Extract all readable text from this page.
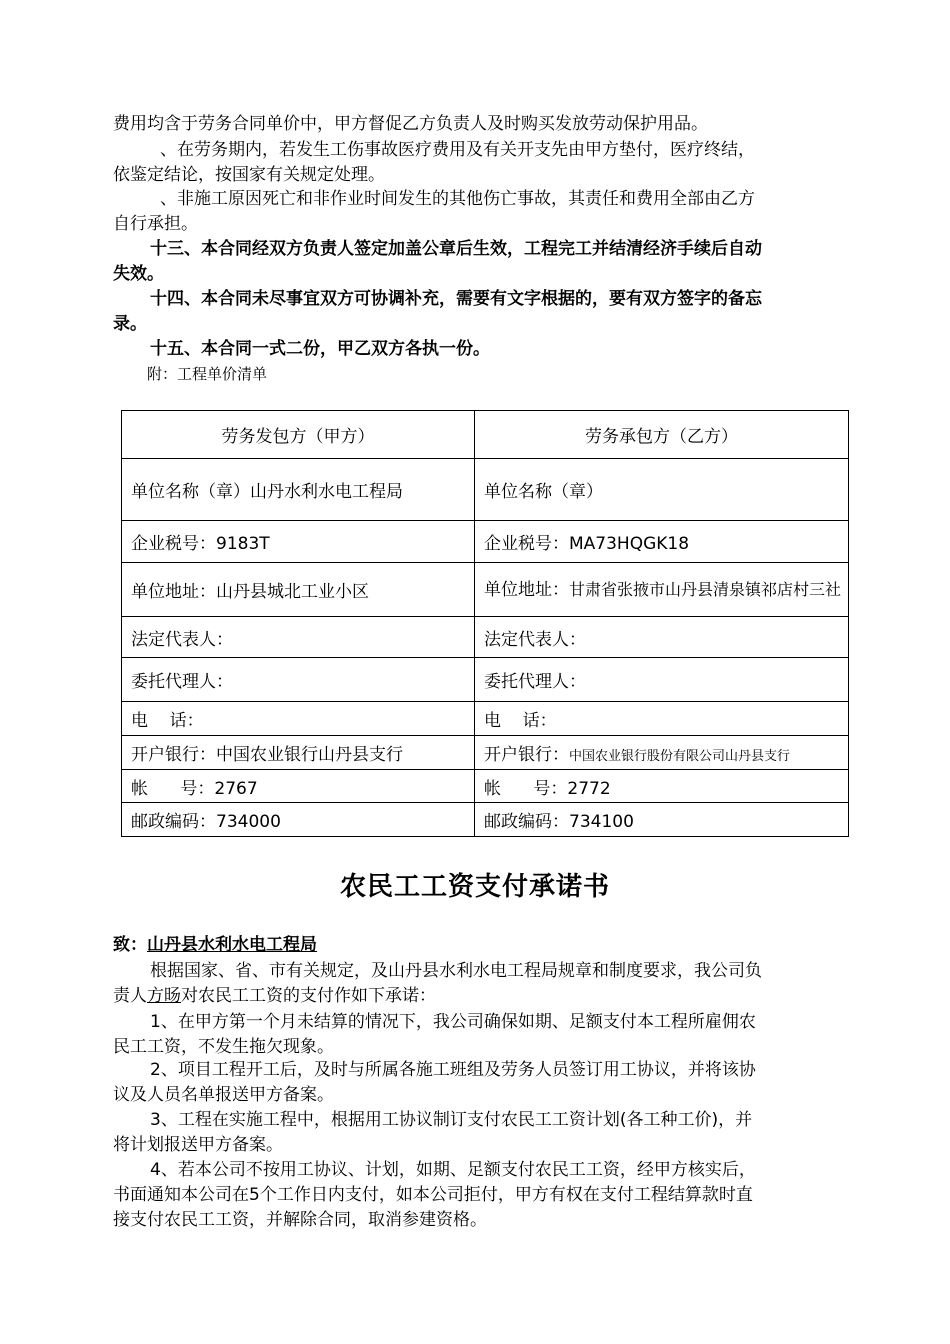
费用均含于劳务合同单价中，甲方督促乙方负责人及时购买发放劳动保护用品。
、在劳务期内，若发生工伤事故医疗费用及有关开支先由甲方垫付，医疗终结，
依鉴定结论，按国家有关规定处理。
、非施工原因死亡和非作业时间发生的其他伤亡事故，其责任和费用全部由乙方
自行承担。
十三、本合同经双方负责人签定加盖公章后生效，工程完工并结清经济手续后自动
失效。
十四、本合同未尽事宜双方可协调补充，需要有文字根据的，要有双方签字的备忘
录。
十五、本合同一式二份，甲乙双方各执一份。
附：工程单价清单
劳务发包方（甲方）	劳务承包方（乙方）
单位名称（章）山丹水利水电工程局	单位名称（章）
企业税号：9183T	企业税号：MA73HQGK18
单位地址：山丹县城北工业小区	单位地址：甘肃省张掖市山丹县清泉镇祁店村三社

法定代表人：	法定代表人：
委托代理人：	委托代理人：
电    话：	电    话：
开户银行：中国农业银行山丹县支行	开户银行：中国农业银行股份有限公司山丹县支行
帐      号：2767	帐      号：2772
邮政编码：734000	邮政编码：734100
农民工工资支付承诺书
致：山丹县水利水电工程局
根据国家、省、市有关规定，及山丹县水利水电工程局规章和制度要求，我公司负
责人方旸对农民工工资的支付作如下承诺：
1、在甲方第一个月未结算的情况下，我公司确保如期、足额支付本工程所雇佣农
民工工资，不发生拖欠现象。
2、项目工程开工后，及时与所属各施工班组及劳务人员签订用工协议，并将该协
议及人员名单报送甲方备案。
3、工程在实施工程中，根据用工协议制订支付农民工工资计划(各工种工价)，并
将计划报送甲方备案。
4、若本公司不按用工协议、计划，如期、足额支付农民工工资，经甲方核实后，
书面通知本公司在5个工作日内支付，如本公司拒付，甲方有权在支付工程结算款时直
接支付农民工工资，并解除合同，取消参建资格。
